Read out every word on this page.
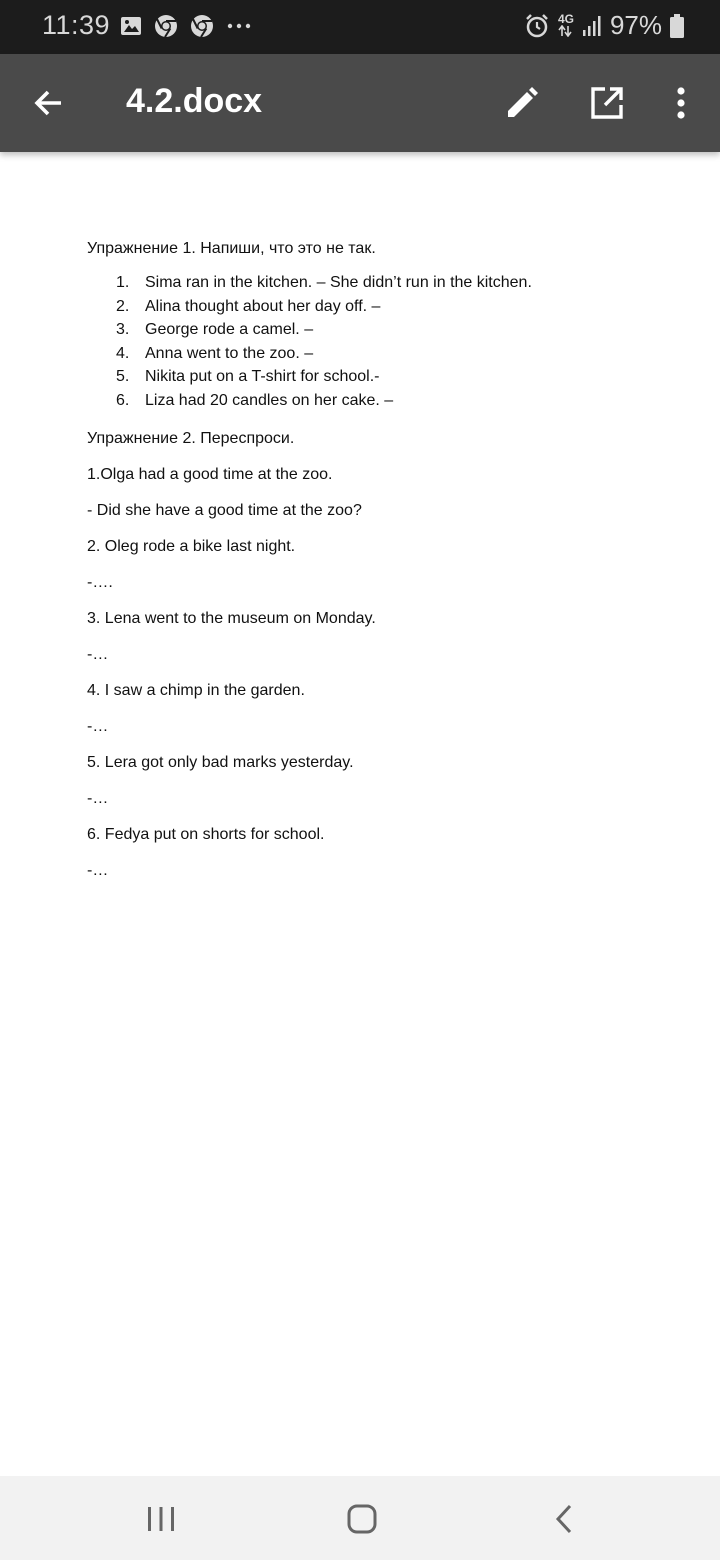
11:39	4G 97%
4.2.docx

Упражнение 1. Напиши, что это не так.

1. Sima ran in the kitchen. – She didn’t run in the kitchen.
2. Alina thought about her day off. –
3. George rode a camel. –
4. Anna went to the zoo. –
5. Nikita put on a T-shirt for school.-
6. Liza had 20 candles on her cake. –

Упражнение 2. Переспроси.

1.Olga had a good time at the zoo.

- Did she have a good time at the zoo?

2. Oleg rode a bike last night.

-….

3. Lena went to the museum on Monday.

-…

4. I saw a chimp in the garden.

-…

5. Lera got only bad marks yesterday.

-…

6. Fedya put on shorts for school.

-…
